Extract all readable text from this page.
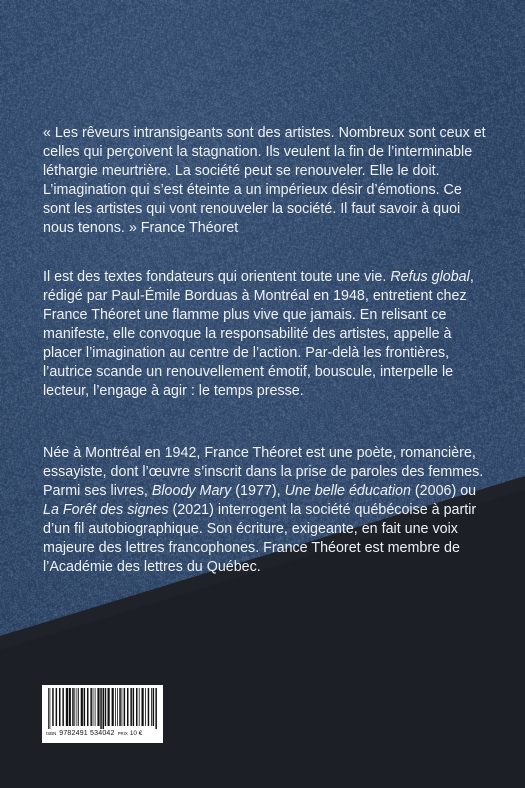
« Les rêveurs intransigeants sont des artistes. Nombreux sont ceux et celles qui perçoivent la stagnation. Ils veulent la fin de l’interminable léthargie meurtrière. La société peut se renouveler. Elle le doit. L’imagination qui s’est éteinte a un impérieux désir d’émotions. Ce sont les artistes qui vont renouveler la société. Il faut savoir à quoi nous tenons. » France Théoret

Il est des textes fondateurs qui orientent toute une vie. Refus global, rédigé par Paul-Émile Borduas à Montréal en 1948, entretient chez France Théoret une flamme plus vive que jamais. En relisant ce manifeste, elle convoque la responsabilité des artistes, appelle à placer l’imagination au centre de l’action. Par-delà les frontières, l’autrice scande un renouvellement émotif, bouscule, interpelle le lecteur, l’engage à agir : le temps presse.

Née à Montréal en 1942, France Théoret est une poète, romancière, essayiste, dont l’œuvre s’inscrit dans la prise de paroles des femmes. Parmi ses livres, Bloody Mary (1977), Une belle éducation (2006) ou La Forêt des signes (2021) interrogent la société québécoise à partir d’un fil autobiographique. Son écriture, exigeante, en fait une voix majeure des lettres francophones. France Théoret est membre de l’Académie des lettres du Québec.

ISBN 9782491 534042 PRIX 10 €
